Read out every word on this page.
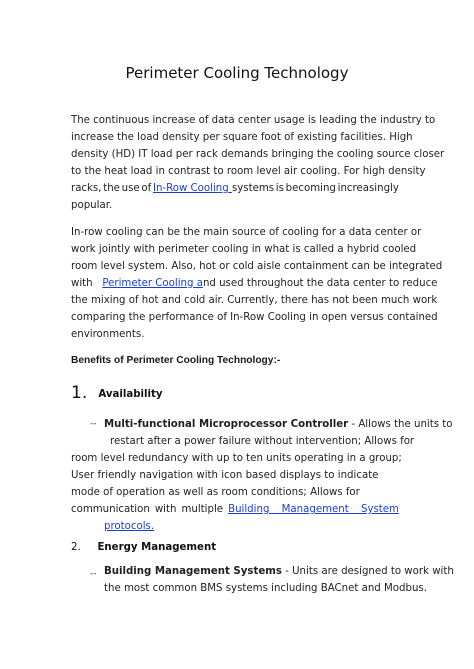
Perimeter Cooling Technology
The continuous increase of data center usage is leading the industry to
increase the load density per square foot of existing facilities. High
density (HD) IT load per rack demands bringing the cooling source closer
to the heat load in contrast to room level air cooling. For high density
racks, the use of In-Row Cooling systems is becoming increasingly
popular.
In-row cooling can be the main source of cooling for a data center or
work jointly with perimeter cooling in what is called a hybrid cooled
room level system. Also, hot or cold aisle containment can be integrated
with Perimeter Cooling and used throughout the data center to reduce
the mixing of hot and cold air. Currently, there has not been much work
comparing the performance of In-Row Cooling in open versus contained
environments.
Benefits of Perimeter Cooling Technology:-
1. Availability
-- Multi-functional Microprocessor Controller - Allows the units to
restart after a power failure without intervention; Allows for
room level redundancy with up to ten units operating in a group;
User friendly navigation with icon based displays to indicate
mode of operation as well as room conditions; Allows for
communication with multiple Building Management System
protocols.
2. Energy Management
-- Building Management Systems - Units are designed to work with
the most common BMS systems including BACnet and Modbus.
